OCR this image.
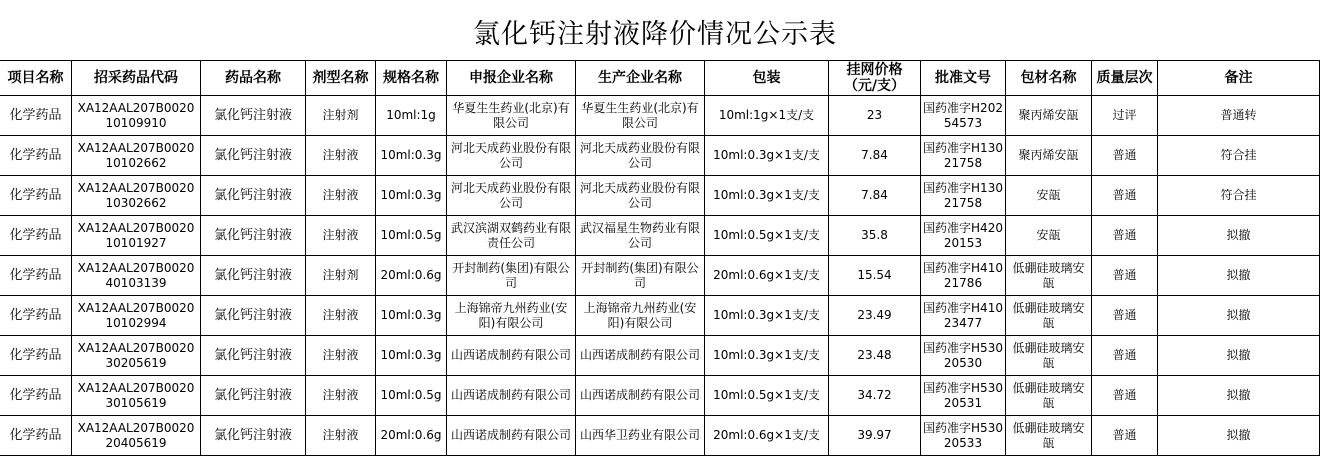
氯化钙注射液降价情况公示表
项目名称	招采药品代码	药品名称	剂型名称	规格名称	申报企业名称	生产企业名称	包装	挂网价格（元/支）	批准文号	包材名称	质量层次	备注
化学药品	XA12AAL207B002010109910	氯化钙注射液	注射剂	10ml:1g	华夏生生药业(北京)有限公司	华夏生生药业(北京)有限公司	10ml:1g×1支/支	23	国药准字H20254573	聚丙烯安瓿	过评	普通转
化学药品	XA12AAL207B002010102662	氯化钙注射液	注射液	10ml:0.3g	河北天成药业股份有限公司	河北天成药业股份有限公司	10ml:0.3g×1支/支	7.84	国药准字H13021758	聚丙烯安瓿	普通	符合挂
化学药品	XA12AAL207B002010302662	氯化钙注射液	注射液	10ml:0.3g	河北天成药业股份有限公司	河北天成药业股份有限公司	10ml:0.3g×1支/支	7.84	国药准字H13021758	安瓿	普通	符合挂
化学药品	XA12AAL207B002010101927	氯化钙注射液	注射液	10ml:0.5g	武汉滨湖双鹤药业有限责任公司	武汉福星生物药业有限公司	10ml:0.5g×1支/支	35.8	国药准字H42020153	安瓿	普通	拟撤
化学药品	XA12AAL207B002040103139	氯化钙注射液	注射剂	20ml:0.6g	开封制药(集团)有限公司	开封制药(集团)有限公司	20ml:0.6g×1支/支	15.54	国药准字H41021786	低硼硅玻璃安瓿	普通	拟撤
化学药品	XA12AAL207B002010102994	氯化钙注射液	注射液	10ml:0.3g	上海锦帝九州药业(安阳)有限公司	上海锦帝九州药业(安阳)有限公司	10ml:0.3g×1支/支	23.49	国药准字H41023477	低硼硅玻璃安瓿	普通	拟撤
化学药品	XA12AAL207B002030205619	氯化钙注射液	注射液	10ml:0.3g	山西诺成制药有限公司	山西诺成制药有限公司	10ml:0.3g×1支/支	23.48	国药准字H53020530	低硼硅玻璃安瓿	普通	拟撤
化学药品	XA12AAL207B002030105619	氯化钙注射液	注射液	10ml:0.5g	山西诺成制药有限公司	山西诺成制药有限公司	10ml:0.5g×1支/支	34.72	国药准字H53020531	低硼硅玻璃安瓿	普通	拟撤
化学药品	XA12AAL207B002020405619	氯化钙注射液	注射液	20ml:0.6g	山西诺成制药有限公司	山西华卫药业有限公司	20ml:0.6g×1支/支	39.97	国药准字H53020533	低硼硅玻璃安瓿	普通	拟撤
